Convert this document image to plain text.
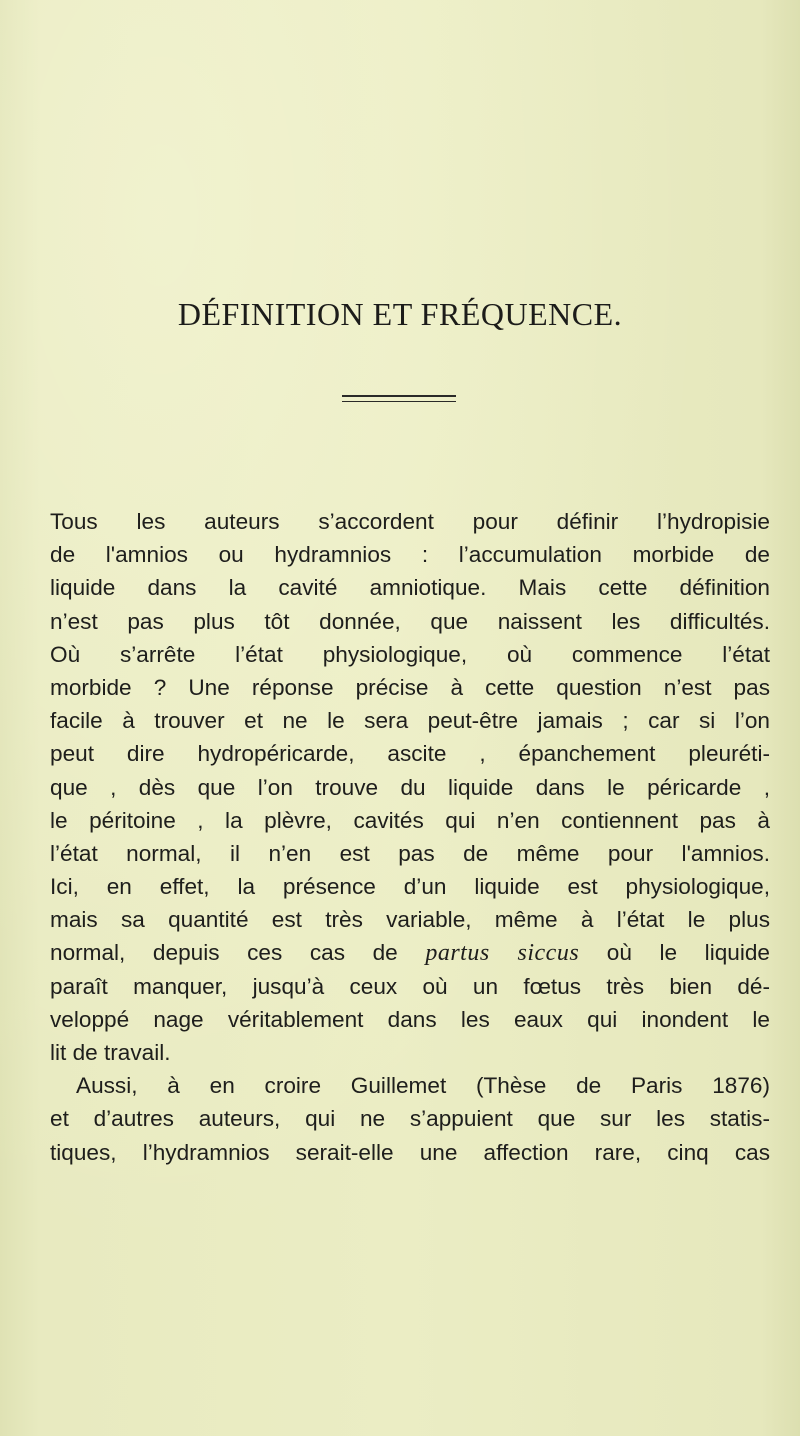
DÉFINITION ET FRÉQUENCE.
Tous les auteurs s’accordent pour définir l’hydropisie
de l'amnios ou hydramnios : l’accumulation morbide de
liquide dans la cavité amniotique. Mais cette définition
n’est pas plus tôt donnée, que naissent les difficultés.
Où s’arrête l’état physiologique, où commence l’état
morbide ? Une réponse précise à cette question n’est pas
facile à trouver et ne le sera peut-être jamais ; car si l’on
peut dire hydropéricarde, ascite , épanchement pleuréti-
que , dès que l’on trouve du liquide dans le péricarde ,
le péritoine , la plèvre, cavités qui n’en contiennent pas à
l’état normal, il n’en est pas de même pour l'amnios.
Ici, en effet, la présence d’un liquide est physiologique,
mais sa quantité est très variable, même à l’état le plus
normal, depuis ces cas de partus siccus où le liquide
paraît manquer, jusqu’à ceux où un fœtus très bien dé-
veloppé nage véritablement dans les eaux qui inondent le
lit de travail.
Aussi, à en croire Guillemet (Thèse de Paris 1876)
et d’autres auteurs, qui ne s’appuient que sur les statis-
tiques, l’hydramnios serait-elle une affection rare, cinq cas
